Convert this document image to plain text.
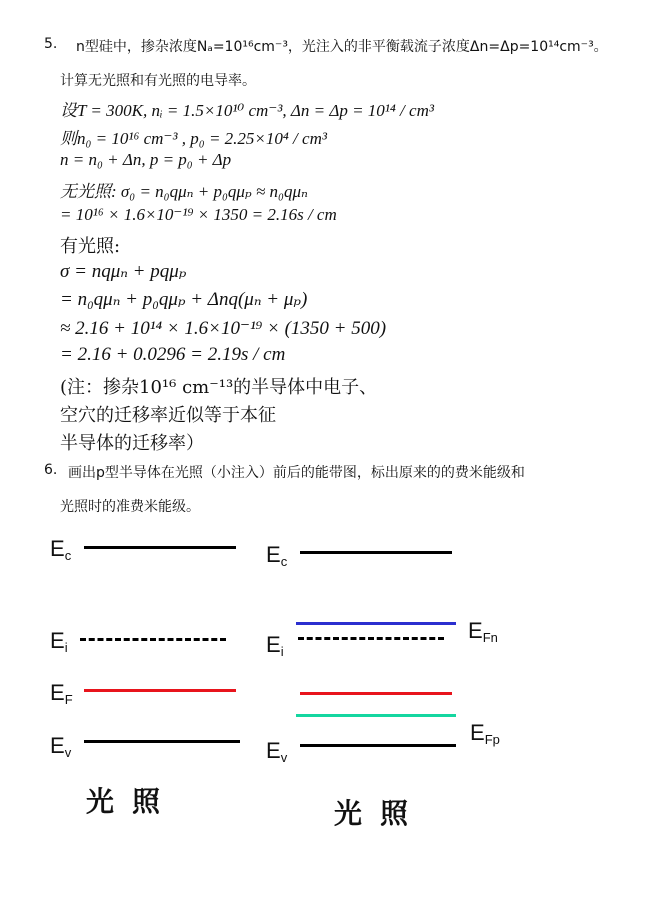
5. n型硅中，掺杂浓度Nₐ=10¹⁶cm⁻³，光注入的非平衡载流子浓度Δn=Δp=10¹⁴cm⁻³。
计算无光照和有光照的电导率。
设T = 300K, nᵢ = 1.5×10¹⁰ cm⁻³, Δn = Δp = 10¹⁴ / cm³
则n₀ = 10¹⁶ cm⁻³ , p₀ = 2.25×10⁴ / cm³
n = n₀ + Δn, p = p₀ + Δp
无光照: σ₀ = n₀qμₙ + p₀qμₚ ≈ n₀qμₙ
= 10¹⁶ × 1.6×10⁻¹⁹ × 1350 = 2.16s / cm
有光照:
σ = nqμₙ + pqμₚ
= n₀qμₙ + p₀qμₚ + Δnq(μₙ + μₚ)
≈ 2.16 + 10¹⁴ × 1.6×10⁻¹⁹ × (1350 + 500)
= 2.16 + 0.0296 = 2.19s / cm
(注：掺杂10¹⁶ cm⁻¹³的半导体中电子、
空穴的迁移率近似等于本征
半导体的迁移率）
6. 画出p型半导体在光照（小注入）前后的能带图，标出原来的的费米能级和
光照时的准费米能级。
$E_c$
$E_i$
$E_F$
$E_v$
光照
$E_c$
$E_{Fn}$
$E_i$
$E_{Fp}$
$E_v$
光照
